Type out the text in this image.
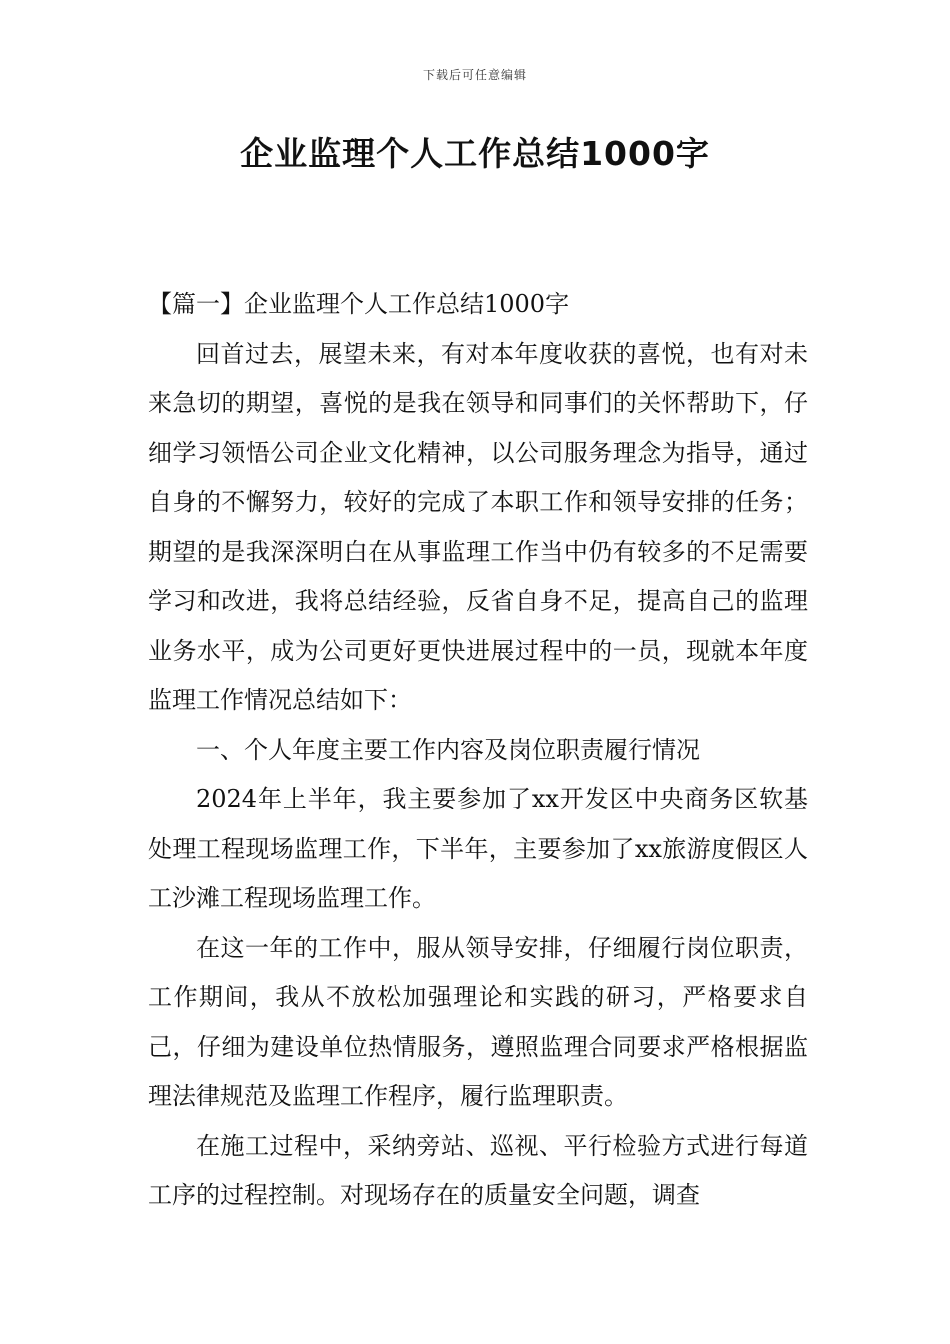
下载后可任意编辑
企业监理个人工作总结1000字

【篇一】企业监理个人工作总结1000字

回首过去，展望未来，有对本年度收获的喜悦，也有对未来急切的期望，喜悦的是我在领导和同事们的关怀帮助下，仔细学习领悟公司企业文化精神，以公司服务理念为指导，通过自身的不懈努力，较好的完成了本职工作和领导安排的任务；期望的是我深深明白在从事监理工作当中仍有较多的不足需要学习和改进，我将总结经验，反省自身不足，提高自己的监理业务水平，成为公司更好更快进展过程中的一员，现就本年度监理工作情况总结如下：

一、个人年度主要工作内容及岗位职责履行情况

2024年上半年，我主要参加了xx开发区中央商务区软基处理工程现场监理工作，下半年，主要参加了xx旅游度假区人工沙滩工程现场监理工作。

在这一年的工作中，服从领导安排，仔细履行岗位职责，工作期间，我从不放松加强理论和实践的研习，严格要求自己，仔细为建设单位热情服务，遵照监理合同要求严格根据监理法律规范及监理工作程序，履行监理职责。

在施工过程中，采纳旁站、巡视、平行检验方式进行每道工序的过程控制。对现场存在的质量安全问题，调查
